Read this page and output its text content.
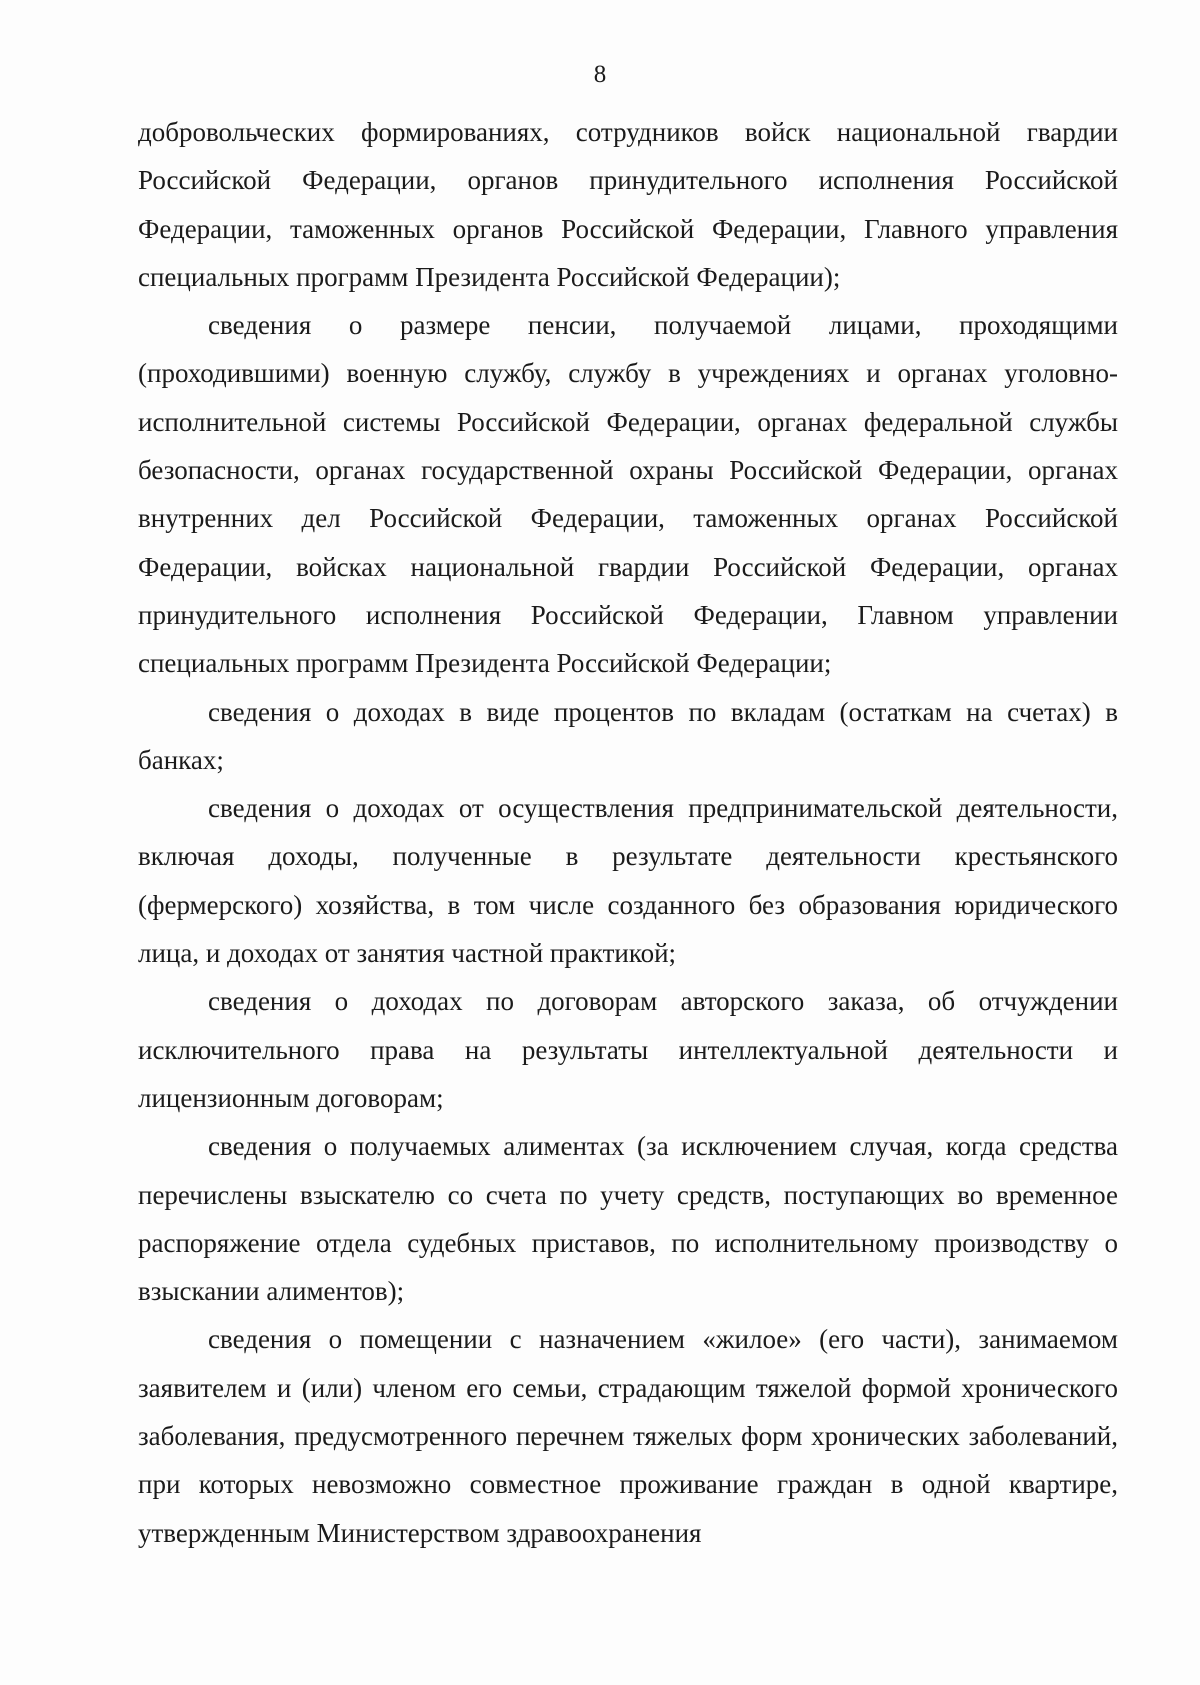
8

добровольческих формированиях, сотрудников войск национальной гвардии Российской Федерации, органов принудительного исполнения Российской Федерации, таможенных органов Российской Федерации, Главного управления специальных программ Президента Российской Федерации);

сведения о размере пенсии, получаемой лицами, проходящими (проходившими) военную службу, службу в учреждениях и органах уголовно-исполнительной системы Российской Федерации, органах федеральной службы безопасности, органах государственной охраны Российской Федерации, органах внутренних дел Российской Федерации, таможенных органах Российской Федерации, войсках национальной гвардии Российской Федерации, органах принудительного исполнения Российской Федерации, Главном управлении специальных программ Президента Российской Федерации;

сведения о доходах в виде процентов по вкладам (остаткам на счетах) в банках;

сведения о доходах от осуществления предпринимательской деятельности, включая доходы, полученные в результате деятельности крестьянского (фермерского) хозяйства, в том числе созданного без образования юридического лица, и доходах от занятия частной практикой;

сведения о доходах по договорам авторского заказа, об отчуждении исключительного права на результаты интеллектуальной деятельности и лицензионным договорам;

сведения о получаемых алиментах (за исключением случая, когда средства перечислены взыскателю со счета по учету средств, поступающих во временное распоряжение отдела судебных приставов, по исполнительному производству о взыскании алиментов);

сведения о помещении с назначением «жилое» (его части), занимаемом заявителем и (или) членом его семьи, страдающим тяжелой формой хронического заболевания, предусмотренного перечнем тяжелых форм хронических заболеваний, при которых невозможно совместное проживание граждан в одной квартире, утвержденным Министерством здравоохранения
